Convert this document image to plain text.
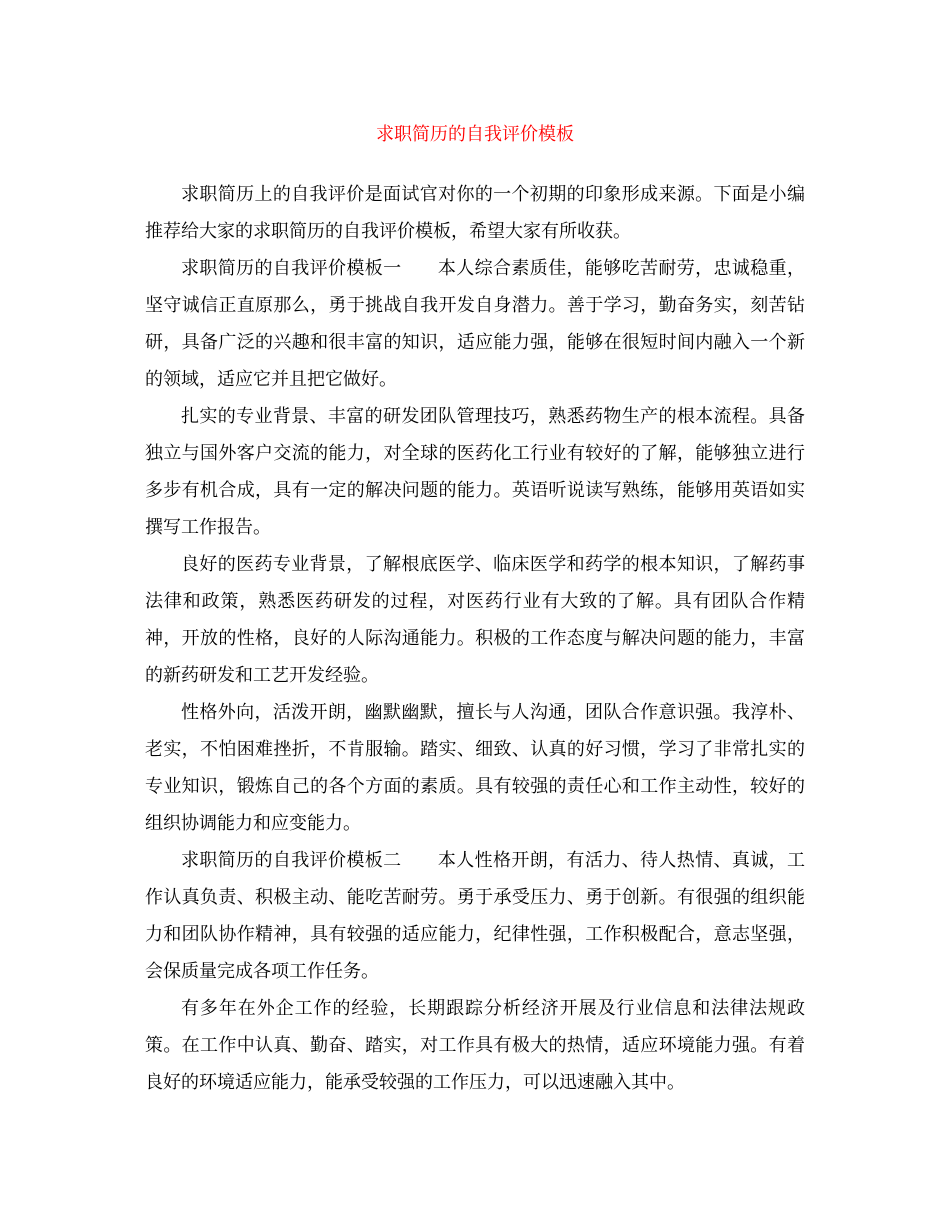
求职简历的自我评价模板

求职简历上的自我评价是面试官对你的一个初期的印象形成来源。下面是小编推荐给大家的求职简历的自我评价模板，希望大家有所收获。

求职简历的自我评价模板一 本人综合素质佳，能够吃苦耐劳，忠诚稳重，坚守诚信正直原那么，勇于挑战自我开发自身潜力。善于学习，勤奋务实，刻苦钻研，具备广泛的兴趣和很丰富的知识，适应能力强，能够在很短时间内融入一个新的领域，适应它并且把它做好。

扎实的专业背景、丰富的研发团队管理技巧，熟悉药物生产的根本流程。具备独立与国外客户交流的能力，对全球的医药化工行业有较好的了解，能够独立进行多步有机合成，具有一定的解决问题的能力。英语听说读写熟练，能够用英语如实撰写工作报告。

良好的医药专业背景，了解根底医学、临床医学和药学的根本知识，了解药事法律和政策，熟悉医药研发的过程，对医药行业有大致的了解。具有团队合作精神，开放的性格，良好的人际沟通能力。积极的工作态度与解决问题的能力，丰富的新药研发和工艺开发经验。

性格外向，活泼开朗，幽默幽默，擅长与人沟通，团队合作意识强。我淳朴、老实，不怕困难挫折，不肯服输。踏实、细致、认真的好习惯，学习了非常扎实的专业知识，锻炼自己的各个方面的素质。具有较强的责任心和工作主动性，较好的组织协调能力和应变能力。

求职简历的自我评价模板二 本人性格开朗，有活力、待人热情、真诚，工作认真负责、积极主动、能吃苦耐劳。勇于承受压力、勇于创新。有很强的组织能力和团队协作精神，具有较强的适应能力，纪律性强，工作积极配合，意志坚强，会保质量完成各项工作任务。

有多年在外企工作的经验，长期跟踪分析经济开展及行业信息和法律法规政策。在工作中认真、勤奋、踏实，对工作具有极大的热情，适应环境能力强。有着良好的环境适应能力，能承受较强的工作压力，可以迅速融入其中。
